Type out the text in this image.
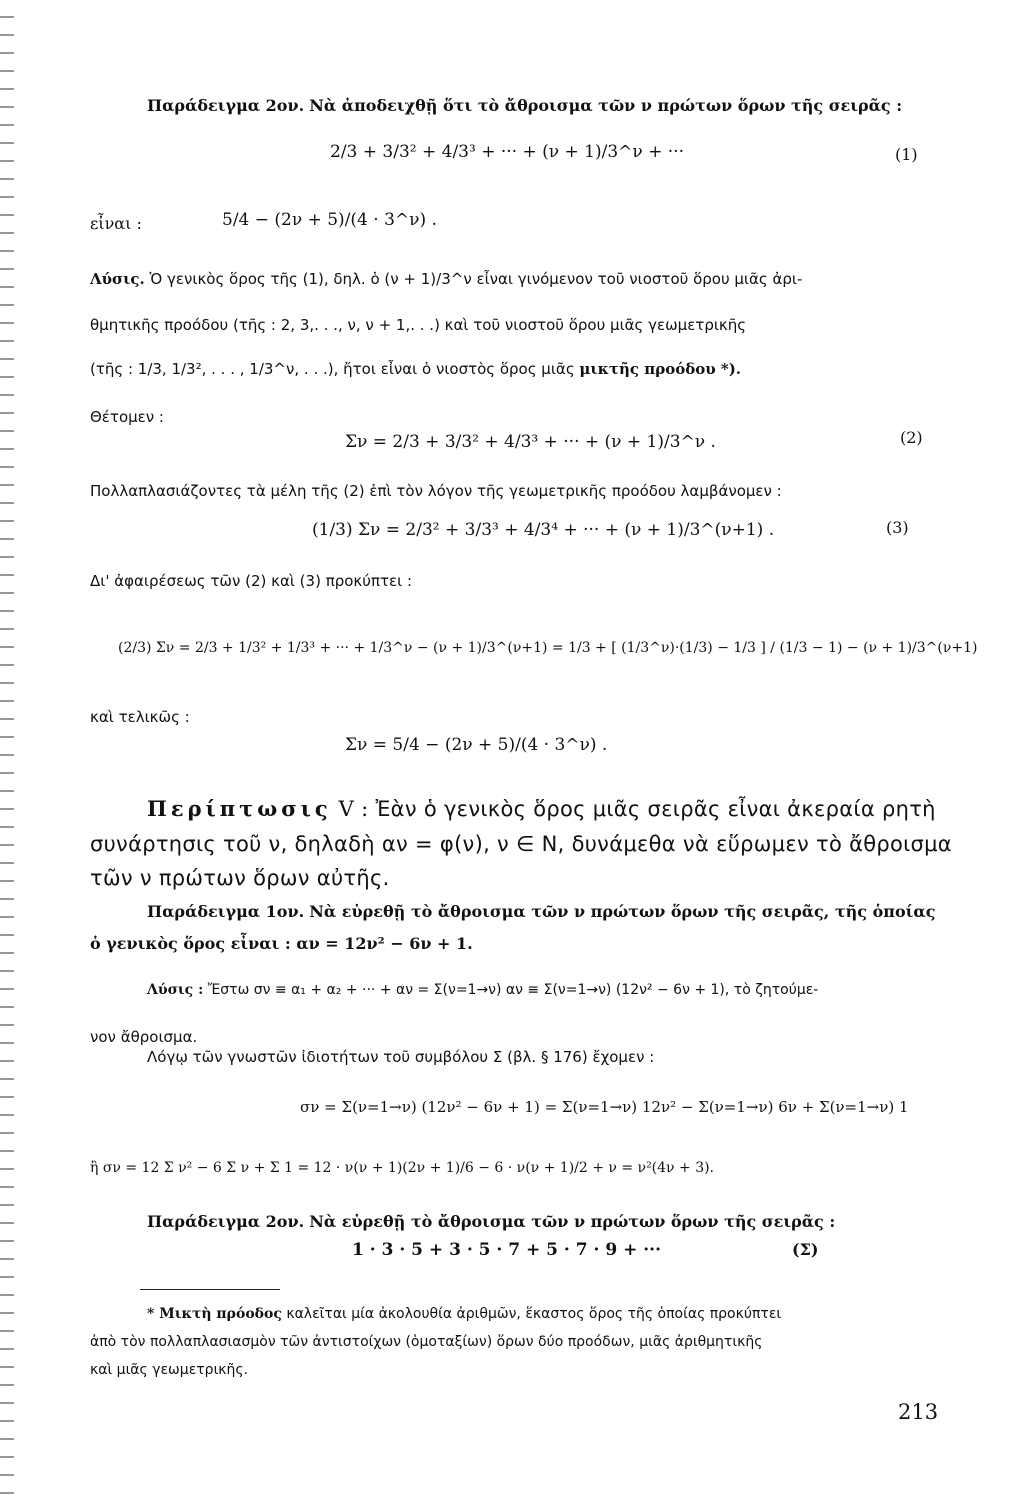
Παράδειγμα 2ον. Νὰ ἀποδειχθῇ ὅτι τὸ ἄθροισμα τῶν ν πρώτων ὅρων τῆς σειρᾶς :
2/3 + 3/3² + 4/3³ + ··· + (ν + 1)/3^ν + ···	(1)
εἶναι :	5/4 − (2ν + 5)/(4 · 3^ν) .
Λύσις. Ὁ γενικὸς ὅρος τῆς (1), δηλ. ὁ (ν + 1)/3^ν εἶναι γινόμενον τοῦ νιοστοῦ ὅρου μιᾶς ἀρι-
θμητικῆς προόδου (τῆς : 2, 3,. . ., ν, ν + 1,. . .) καὶ τοῦ νιοστοῦ ὅρου μιᾶς γεωμετρικῆς
(τῆς : 1/3, 1/3², . . . , 1/3^ν, . . .), ἤτοι εἶναι ὁ νιοστὸς ὅρος μιᾶς μικτῆς προόδου *).
Θέτομεν :
Σν = 2/3 + 3/3² + 4/3³ + ··· + (ν + 1)/3^ν .	(2)
Πολλαπλασιάζοντες τὰ μέλη τῆς (2) ἐπὶ τὸν λόγον τῆς γεωμετρικῆς προόδου λαμβάνομεν :
(1/3) Σν = 2/3² + 3/3³ + 4/3⁴ + ··· + (ν + 1)/3^(ν+1) .	(3)
Δι' ἀφαιρέσεως τῶν (2) καὶ (3) προκύπτει :
(2/3) Σν = 2/3 + 1/3² + 1/3³ + ··· + 1/3^ν − (ν + 1)/3^(ν+1) = 1/3 + [ (1/3^ν)·(1/3) − 1/3 ] / (1/3 − 1) − (ν + 1)/3^(ν+1)
καὶ τελικῶς :
Σν = 5/4 − (2ν + 5)/(4 · 3^ν) .
Περίπτωσις V : Ἐὰν ὁ γενικὸς ὅρος μιᾶς σειρᾶς εἶναι ἀκεραία ρητὴ
συνάρτησις τοῦ ν, δηλαδὴ αν = φ(ν), ν ∈ N, δυνάμεθα νὰ εὕρωμεν τὸ ἄθροισμα
τῶν ν πρώτων ὅρων αὐτῆς.
Παράδειγμα 1ον. Νὰ εὑρεθῇ τὸ ἄθροισμα τῶν ν πρώτων ὅρων τῆς σειρᾶς, τῆς ὁποίας
ὁ γενικὸς ὅρος εἶναι : αν = 12ν² − 6ν + 1.
Λύσις : Ἔστω σν ≡ α₁ + α₂ + ··· + αν = Σ(ν=1→ν) αν ≡ Σ(ν=1→ν) (12ν² − 6ν + 1), τὸ ζητούμε-
νον ἄθροισμα.
Λόγῳ τῶν γνωστῶν ἰδιοτήτων τοῦ συμβόλου Σ (βλ. § 176) ἔχομεν :
σν = Σ(ν=1→ν) (12ν² − 6ν + 1) = Σ(ν=1→ν) 12ν² − Σ(ν=1→ν) 6ν + Σ(ν=1→ν) 1
ἢ σν = 12 Σ ν² − 6 Σ ν + Σ 1 = 12 · ν(ν + 1)(2ν + 1)/6 − 6 · ν(ν + 1)/2 + ν = ν²(4ν + 3).
Παράδειγμα 2ον. Νὰ εὑρεθῇ τὸ ἄθροισμα τῶν ν πρώτων ὅρων τῆς σειρᾶς :
1 · 3 · 5 + 3 · 5 · 7 + 5 · 7 · 9 + ···	(Σ)
* Μικτὴ πρόοδος καλεῖται μία ἀκολουθία ἀριθμῶν, ἕκαστος ὅρος τῆς ὁποίας προκύπτει
ἀπὸ τὸν πολλαπλασιασμὸν τῶν ἀντιστοίχων (ὁμοταξίων) ὅρων δύο προόδων, μιᾶς ἀριθμητικῆς
καὶ μιᾶς γεωμετρικῆς.
213
